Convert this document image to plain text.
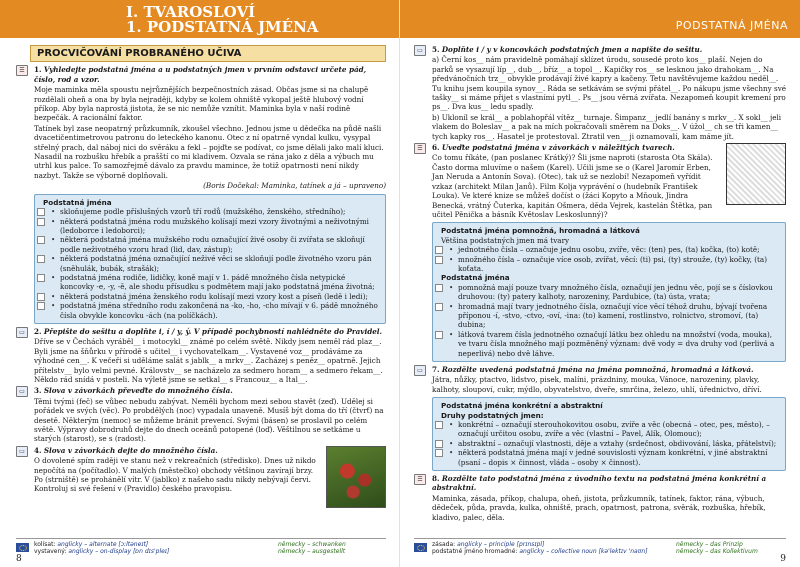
I. TVAROSLOVÍ
1. PODSTATNÁ JMÉNA
PROCVIČOVÁNÍ PROBRANÉHO UČIVA
☰	1. Vyhledejte podstatná jména a u podstatných jmen v prvním odstavci určete pád, číslo, rod a vzor.

Moje maminka měla spoustu nejrůznějších bezpečnostních zásad. Občas jsme si na chalupě rozdělali oheň a ona by byla nejraději, kdyby se kolem ohniště vykopal ještě hlubový vodní příkop. Aby byla naprostá jistota, že se nic nemůže vznítit. Maminka byla v naší rodině bezpečák. A racionální faktor.

Tatínek byl zase neopatrný průzkumník, zkoušel všechno. Jednou jsme u dědečka na půdě našli dvacetičentimetrovou patronu do leteckého kanonu. Otec z ní opatrně vyndal kulku, vysypal střelný prach, dal náboj nici do svěráku a fekl – pojďte se podívat, co jsme dělali jako malí kluci. Nasadil na rozbušku hřebík a prašští co mi kladivem. Ozvala se rána jako z děla a výbuch mu utrhl kus palce. To samozřejmě dávalo za pravdu mamince, že totiž opatrnosti není nikdy nazbyt. Takže se výborně doplňovali.

(Boris Dočekal: Maminka, tatínek a já – upraveno)

Podstatná jména
• skloňujeme podle příslušných vzorů tří rodů (mužského, ženského, středního);
• některá podstatná jména rodu mužského kolísají mezi vzory životnými a neživotnými (ledoborce i ledoborci);
• některá podstatná jména mužského rodu označující živé osoby či zvířata se skloňují podle neživotného vzoru hrad (lid, dav, zástup);
• některá podstatná jména označující neživé věci se skloňují podle životného vzoru pán (sněhulák, bubák, strašák);
• podstatná jména rodiče, lidičky, koně mají v 1. pádě množného čísla netypické koncovky -e, -y, -ě, ale shodu přísudku s podmětem mají jako podstatná jména životná;
• některá podstatná jména ženského rodu kolísají mezi vzory kost a píseň (ledě i ledi);
• podstatná jména středního rodu zakončená na -ko, -ho, -cho mívají v 6. pádě množného čísla obvykle koncovku -ách (na políčkách).
▭	2. Přepište do sešitu a doplňte i, í / y, ý. V případě pochybností nahlédněte do Pravidel.

Dříve se v Čechách vyráběl__ i motocykl__ známé po celém světě. Nikdy jsem neměl rád plaz__. Byli jsme na šňůrku v přírodě s učitel__ i vychovatelkam__. Vystavené voz__ prodáváme za výhodné cen__. K večeři si uděláme salát s jablk__ a mrkv__. Zacházej s peněz__ opatrně. Jejich přítelstv__ bylo velmi pevné. Královstv__ se nacházelo za sedmero horam__ a sedmero řekam__. Někdo rád snídá v posteli. Na výletě jsme se setkal__ s Francouz__ a Ital__.

▭	3. Slova v závorkách převeďte do množného čísla.

Těmi tvými (feč) se vůbec nebudu zabývat. Neměli bychom mezi sebou stavět (zeď). Udělej si pořádek ve svých (věc). Po probdělých (noc) vypadala unaveně. Musíš být doma do tří (čtvrť) na desetě. Některým (nemoc) se můžeme bránit prevencí. Svými (básen) se proslavil po celém světě. Výpravy dobrodruhů dejte do dnech oceánů potopené (loď). Věštilnou se setkáme u starých (starost), se s (radost).

▭	4. Slova v závorkách dejte do množného čísla.

O dovolené spím raději ve stanu než v rekreačních (středisko). Dnes už nikdo nepočítá na (počítadlo). V malých (městečko) obchody většinou zavírají brzy. Po (strniště) se prohánělí vítr. V (jablko) z našeho sadu nikdy nebývají červi. Kontroluj si své řešení v (Pravidlo) českého pravopisu.

kolísat: anglicky – alternate [ɔːltəneɪt]
vystavený: anglicky – on-display [ɒn dɪs'pleɪ]
německy – schwanken
německy – ausgestellt
8
PODSTATNÁ JMÉNA
▭	5. Doplňte i / y v koncovkách podstatných jmen a napište do sešitu.

a) Černí kos__ nám pravidelně pomáhají sklízet úrodu, sousedé proto kos__ plaší. Nejen do parků se vysazují líp__, dub__, bříz__ a topol__. Kapičky ros__ se lesknou jako drahokam__. Na předvánočních trz__ obvykle prodávají živé kapry a kačeny. Tetu navštěvujeme každou neděl__. Tu knihu jsem koupila synov__. Ráda se setkávám se svými přátel__. Po nákupu jsme všechny své tašky__ si máme přijet s vlastními pytl__. Ps__ jsou věrná zvířata. Nezapomeň koupit kremení pro ps__. Dva kus__ ledu spadly.

b) Ukloníl se král__ a poblahopřál vítěz__ turnaje. Šimpanz__ jedlí banány s mrkv__. X sokl__ jeli vlakem do Boleslav__ a pak na mích pokračovali směrem na Doks__. V úžol__ ch se tři kamen__ tych kapky ros__. Hasatel je protestoval. Ztratil ven__ ji oznamovalí, kam máme jít.

☰	6. Uveďte podstatná jména v závorkách v náležitých tvarech.

Co tomu říkáte, (pan poslanec Krátký)? Šli jsme naproti (starosta Ota Skála). Často dorma mluvíme o našem (Karel). Učili jsme se o (Karel Jaromír Erben, Jan Neruda a Antonín Sova). (Otec), tak už se nezlobí! Nezapomeň vyřídit vzkaz (architekt Milan Janů). Film Kolja vyprávění o (hudebník František Louka). Ve které knize se můžeš dočíst o (žáci Kopyto a Mňouk, Jindra Benecká, vrátný Čuterka, kapitán Ošmera, děda Vejrek, kastelán Štětka, pan učitel Pěnička a básník Květoslav Leskoslunný)?

Podstatná jména pomnožná, hromadná a látková
Většina podstatných jmen má tvary
• jednotného čísla – označuje jednu osobu, zvíře, věc: (ten) pes, (ta) kočka, (to) kotě;
• množného čísla – označuje více osob, zvířat, věcí: (ti) psi, (ty) strouže, (ty) kočky, (ta) koťata.
Podstatná jména
• pomnožná mají pouze tvary množného čísla, označují jen jednu věc, pojí se s číslovkou druhovou: (ty) patery kalhoty, narozeniny, Pardubice, (ta) ústa, vrata;
• hromadná mají tvary jednotného čísla, označují více věcí téhož druhu, bývají tvořena příponou -í, -stvo, -ctvo, -oví, -ina: (to) kamení, rostlinstvo, rolnictvo, stromoví, (ta) dubina;
• látková tvarem čísla jednotného označují látku bez ohledu na množství (voda, mouka), ve tvaru čísla množného mají pozměněný význam: dvě vody = dva druhy vod (perlivá a neperlivá) nebo dvě láhve.
▭	7. Rozdělte uvedená podstatná jména na jména pomnožná, hromadná a látková.

Játra, nůžky, ptactvo, lidstvo, pisek, malíni, prázdniny, mouka, Vánoce, narozeniny, plavky, kalhoty, sloupoví, cukr, mýdlo, obyvatelstvo, dveře, smrčina, železo, uhlí, úřednictvo, dříví.

Podstatná jména konkrétní a abstraktní
Druhy podstatných jmen:
• konkrétní – označují sterouhokovitou osobu, zvíře a věc (obecná – otec, pes, město), – označují určitou osobu, zvíře a věc (vlastní – Pavel, Alík, Olomouc);
• abstraktní – označují vlastnosti, děje a vztahy (srdečnost, obdivování, láska, přátelství);
• některá podstatná jména mají v jedné souvislosti význam konkrétní, v jiné abstraktní (psaní – dopis × činnost, vláda – osoby × činnost).
☰	8. Rozdělte tato podstatná jména z úvodního textu na podstatná jména konkrétní a abstraktní.

Maminka, zásada, příkop, chalupa, oheň, jistota, průzkumník, tatínek, faktor, rána, výbuch, dědeček, půda, pravda, kulka, ohniště, prach, opatrnost, patrona, svěrák, rozbuška, hřebík, kladivo, palec, děla.

zásada: anglicky – principle [prɪnsɪpl]
podstatné jméno hromadné: anglicky – collective noun [kə'lektɪv 'naʊn]
německy – das Prinzip
německy – das Kollektivum
9
